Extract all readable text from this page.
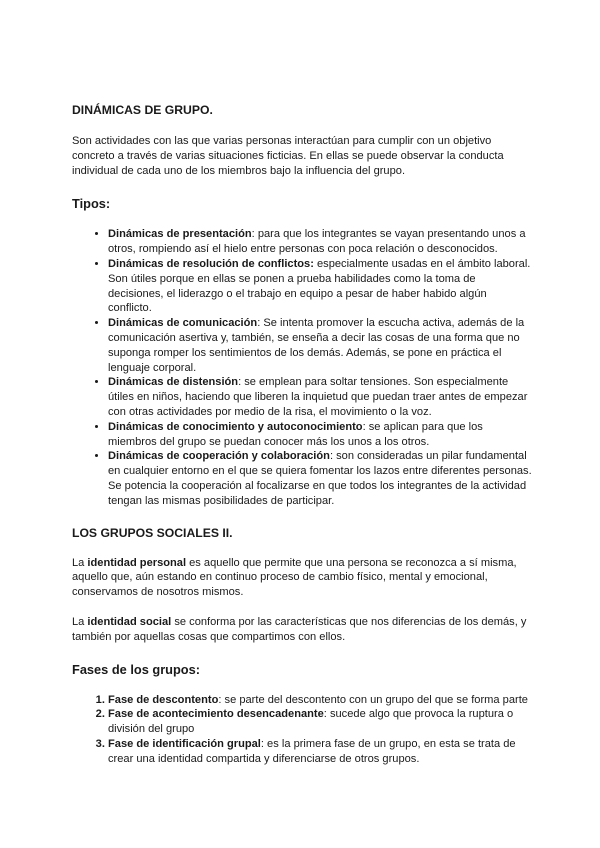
DINÁMICAS DE GRUPO.

Son actividades con las que varias personas interactúan para cumplir con un objetivo concreto a través de varias situaciones ficticias. En ellas se puede observar la conducta individual de cada uno de los miembros bajo la influencia del grupo.

Tipos:
• Dinámicas de presentación: para que los integrantes se vayan presentando unos a otros, rompiendo así el hielo entre personas con poca relación o desconocidos.
• Dinámicas de resolución de conflictos: especialmente usadas en el ámbito laboral. Son útiles porque en ellas se ponen a prueba habilidades como la toma de decisiones, el liderazgo o el trabajo en equipo a pesar de haber habido algún conflicto.
• Dinámicas de comunicación: Se intenta promover la escucha activa, además de la comunicación asertiva y, también, se enseña a decir las cosas de una forma que no suponga romper los sentimientos de los demás. Además, se pone en práctica el lenguaje corporal.
• Dinámicas de distensión: se emplean para soltar tensiones. Son especialmente útiles en niños, haciendo que liberen la inquietud que puedan traer antes de empezar con otras actividades por medio de la risa, el movimiento o la voz.
• Dinámicas de conocimiento y autoconocimiento: se aplican para que los miembros del grupo se puedan conocer más los unos a los otros.
• Dinámicas de cooperación y colaboración: son consideradas un pilar fundamental en cualquier entorno en el que se quiera fomentar los lazos entre diferentes personas. Se potencia la cooperación al focalizarse en que todos los integrantes de la actividad tengan las mismas posibilidades de participar.
LOS GRUPOS SOCIALES II.

La identidad personal es aquello que permite que una persona se reconozca a sí misma, aquello que, aún estando en continuo proceso de cambio físico, mental y emocional, conservamos de nosotros mismos.

La identidad social se conforma por las características que nos diferencias de los demás, y también por aquellas cosas que compartimos con ellos.

Fases de los grupos:
1. Fase de descontento: se parte del descontento con un grupo del que se forma parte
2. Fase de acontecimiento desencadenante: sucede algo que provoca la ruptura o división del grupo
3. Fase de identificación grupal: es la primera fase de un grupo, en esta se trata de crear una identidad compartida y diferenciarse de otros grupos.
